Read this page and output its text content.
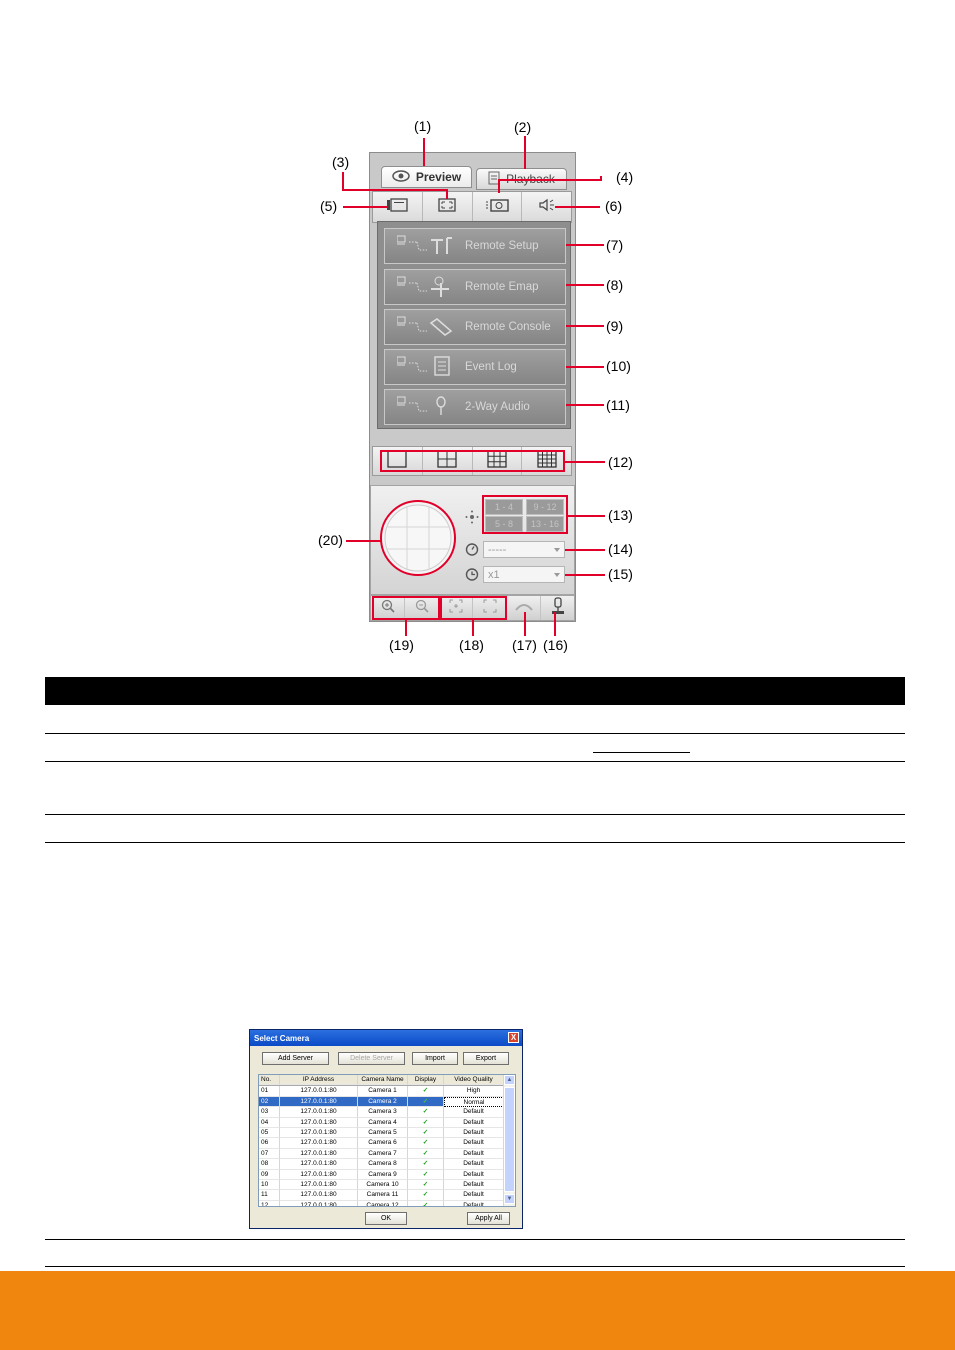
Preview
Remote Setup
Remote Emap
Remote Console
Event Log
2-Way Audio
1 - 4	9 - 12
5 - 8	13 - 16
-----
x1
(1)	(2)
(3)
(4)
(5)	(6)
(7)
(8)
(9)
(10)
(11)
(12)
(13)
(14)
(15)
(20)
(19)	(18) (17) (16)
Select Camera	X
Add Server	Delete Server	Import	Export
No.	IP Address	Camera Name	Display	Video Quality
01	127.0.0.1:80	Camera 1	✓	High
02	127.0.0.1:80	Camera 2	✓	Normal
03	127.0.0.1:80	Camera 3	✓	Default
04	127.0.0.1:80	Camera 4	✓	Default
05	127.0.0.1:80	Camera 5	✓	Default
06	127.0.0.1:80	Camera 6	✓	Default
07	127.0.0.1:80	Camera 7	✓	Default
08	127.0.0.1:80	Camera 8	✓	Default
09	127.0.0.1:80	Camera 9	✓	Default
10	127.0.0.1:80	Camera 10	✓	Default
11	127.0.0.1:80	Camera 11	✓	Default
12	127.0.0.1:80	Camera 12	✓	Default
▲
▼
OK	Apply All
